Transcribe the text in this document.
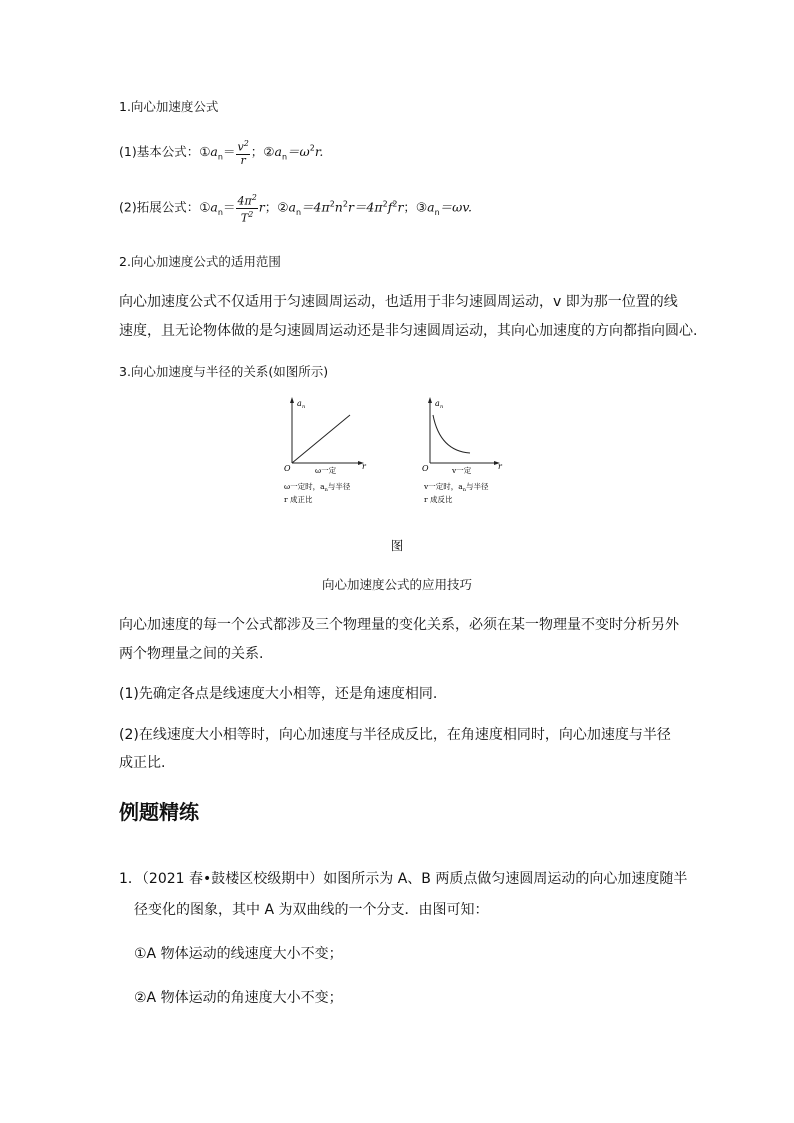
1.向心加速度公式
(1)基本公式：$①a_n= \frac{v^2}{r}$ ；$②a_n=\omega^2r$.
(2)拓展公式：$①a_n= \frac{4\pi^2}{T^2}$ r；$②a_n=4\pi^2n^2r=4\pi^2f^2r$；$③a_n=\omega v$.
2.向心加速度公式的适用范围
向心加速度公式不仅适用于匀速圆周运动，也适用于非匀速圆周运动，v 即为那一位置的线
速度，且无论物体做的是匀速圆周运动还是非匀速圆周运动，其向心加速度的方向都指向圆心.
3.向心加速度与半径的关系(如图所示)
a n
r
O	ω一定
ω一定时，$a_n$与半径
r 成正比
a n
r
O	v一定
v一定时，$a_n$与半径
r 成反比
图
向心加速度公式的应用技巧
向心加速度的每一个公式都涉及三个物理量的变化关系，必须在某一物理量不变时分析另外
两个物理量之间的关系.
(1)先确定各点是线速度大小相等，还是角速度相同.
(2)在线速度大小相等时，向心加速度与半径成反比，在角速度相同时，向心加速度与半径
成正比.
例题精练
1．（2021 春•鼓楼区校级期中）如图所示为 A、B 两质点做匀速圆周运动的向心加速度随半
径变化的图象，其中 A 为双曲线的一个分支．由图可知：
①A 物体运动的线速度大小不变；
②A 物体运动的角速度大小不变；
